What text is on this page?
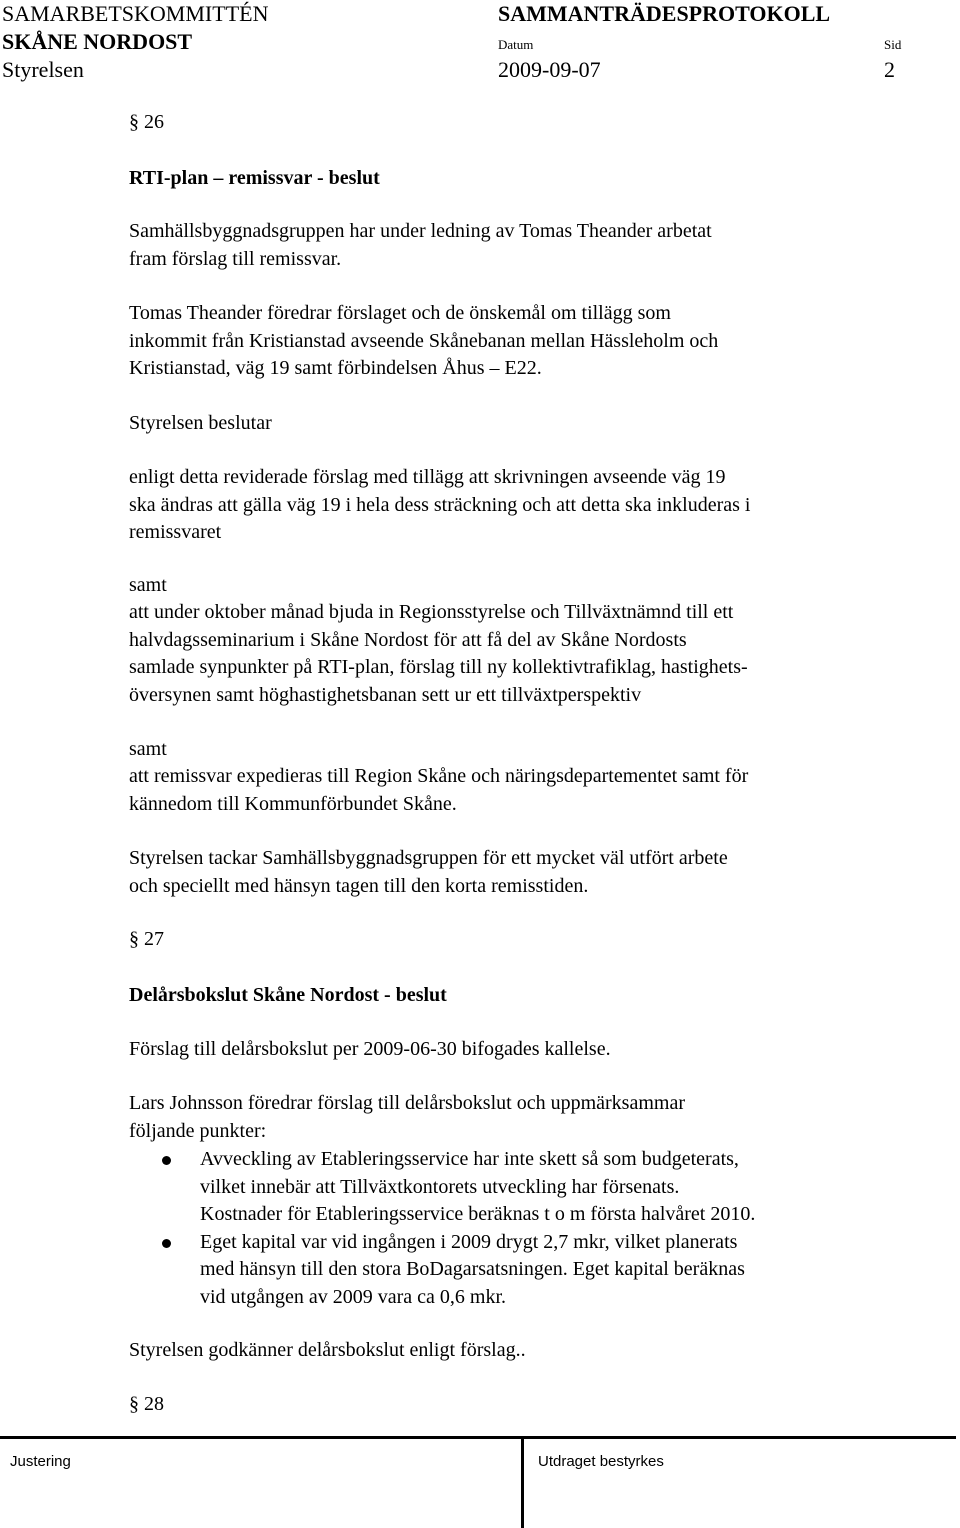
SAMARBETSKOMMITTÉN
SKÅNE NORDOST
Styrelsen
SAMMANTRÄDESPROTOKOLL
Datum
2009-09-07
Sid
2
§ 26
RTI-plan – remissvar - beslut
Samhällsbyggnadsgruppen har under ledning av Tomas Theander arbetat
fram förslag till remissvar.
Tomas Theander föredrar förslaget och de önskemål om tillägg som
inkommit från Kristianstad avseende Skånebanan mellan Hässleholm och
Kristianstad, väg 19 samt förbindelsen Åhus – E22.
Styrelsen beslutar
enligt detta reviderade förslag med tillägg att skrivningen avseende väg 19
ska ändras att gälla väg 19 i hela dess sträckning och att detta ska inkluderas i
remissvaret
samt
att under oktober månad bjuda in Regionsstyrelse och Tillväxtnämnd till ett
halvdagsseminarium i Skåne Nordost för att få del av Skåne Nordosts
samlade synpunkter på RTI-plan, förslag till ny kollektivtrafiklag, hastighets-
översynen samt höghastighetsbanan sett ur ett tillväxtperspektiv
samt
att remissvar expedieras till Region Skåne och näringsdepartementet samt för
kännedom till Kommunförbundet Skåne.
Styrelsen tackar Samhällsbyggnadsgruppen för ett mycket väl utfört arbete
och speciellt med hänsyn tagen till den korta remisstiden.
§ 27
Delårsbokslut Skåne Nordost - beslut
Förslag till delårsbokslut per 2009-06-30 bifogades kallelse.
Lars Johnsson föredrar förslag till delårsbokslut och uppmärksammar
följande punkter:
Avveckling av Etableringsservice har inte skett så som budgeterats,
vilket innebär att Tillväxtkontorets utveckling har försenats.
Kostnader för Etableringsservice beräknas t o m första halvåret 2010.
Eget kapital var vid ingången i 2009 drygt 2,7 mkr, vilket planerats
med hänsyn till den stora BoDagarsatsningen. Eget kapital beräknas
vid utgången av 2009 vara ca 0,6 mkr.
Styrelsen godkänner delårsbokslut enligt förslag..
§ 28
Justering	Utdraget bestyrkes
